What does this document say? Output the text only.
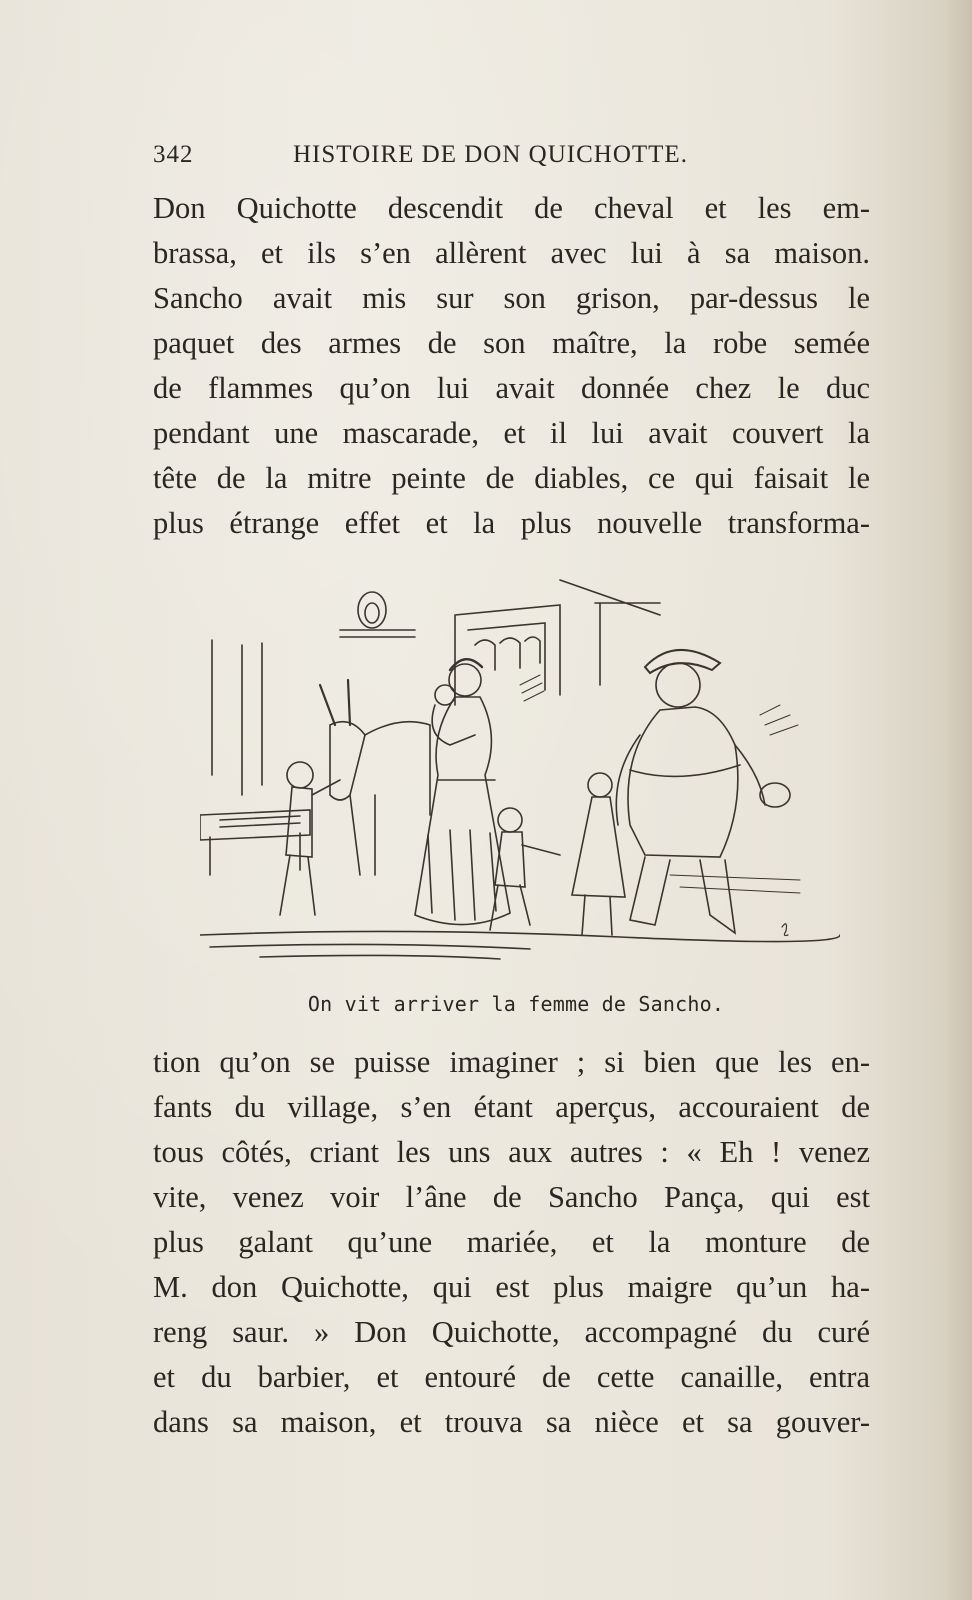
342	HISTOIRE DE DON QUICHOTTE.
Don Quichotte descendit de cheval et les em-
brassa, et ils s’en allèrent avec lui à sa maison.
Sancho avait mis sur son grison, par-dessus le
paquet des armes de son maître, la robe semée
de flammes qu’on lui avait donnée chez le duc
pendant une mascarade, et il lui avait couvert la
tête de la mitre peinte de diables, ce qui faisait le
plus étrange effet et la plus nouvelle transforma-
On vit arriver la femme de Sancho.
tion qu’on se puisse imaginer ; si bien que les en-
fants du village, s’en étant aperçus, accouraient de
tous côtés, criant les uns aux autres : « Eh ! venez
vite, venez voir l’âne de Sancho Pança, qui est
plus galant qu’une mariée, et la monture de
M. don Quichotte, qui est plus maigre qu’un ha-
reng saur. » Don Quichotte, accompagné du curé
et du barbier, et entouré de cette canaille, entra
dans sa maison, et trouva sa nièce et sa gouver-
